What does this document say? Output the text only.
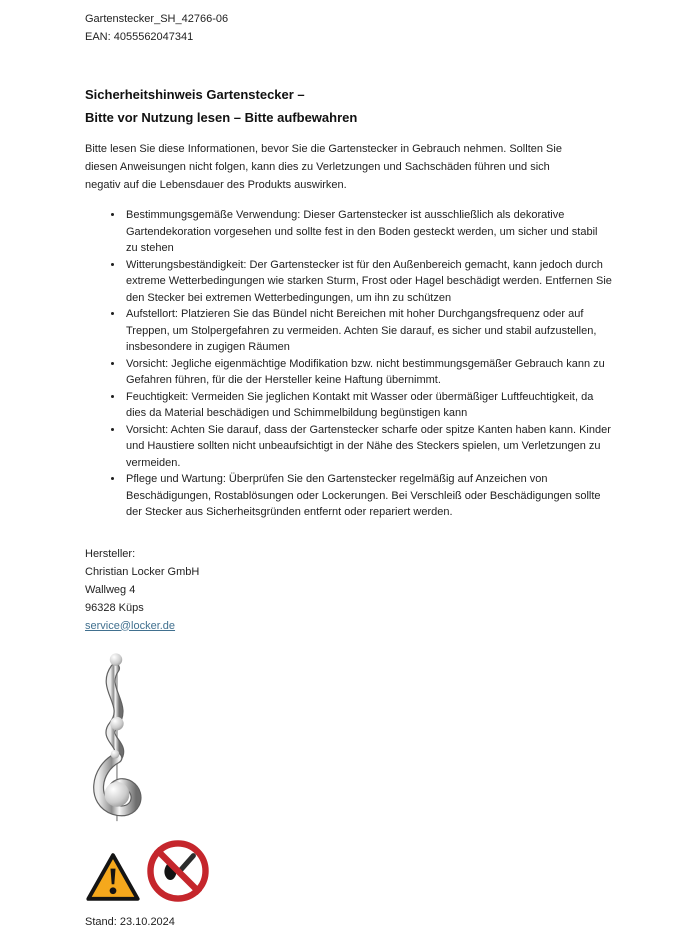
Gartenstecker_SH_42766-06
EAN: 4055562047341
Sicherheitshinweis Gartenstecker –
Bitte vor Nutzung lesen – Bitte aufbewahren

Bitte lesen Sie diese Informationen, bevor Sie die Gartenstecker in Gebrauch nehmen. Sollten Sie diesen Anweisungen nicht folgen, kann dies zu Verletzungen und Sachschäden führen und sich negativ auf die Lebensdauer des Produkts auswirken.

• Bestimmungsgemäße Verwendung: Dieser Gartenstecker ist ausschließlich als dekorative Gartendekoration vorgesehen und sollte fest in den Boden gesteckt werden, um sicher und stabil zu stehen
• Witterungsbeständigkeit: Der Gartenstecker ist für den Außenbereich gemacht, kann jedoch durch extreme Wetterbedingungen wie starken Sturm, Frost oder Hagel beschädigt werden. Entfernen Sie den Stecker bei extremen Wetterbedingungen, um ihn zu schützen
• Aufstellort: Platzieren Sie das Bündel nicht Bereichen mit hoher Durchgangsfrequenz oder auf Treppen, um Stolpergefahren zu vermeiden. Achten Sie darauf, es sicher und stabil aufzustellen, insbesondere in zugigen Räumen
• Vorsicht: Jegliche eigenmächtige Modifikation bzw. nicht bestimmungsgemäßer Gebrauch kann zu Gefahren führen, für die der Hersteller keine Haftung übernimmt.
• Feuchtigkeit: Vermeiden Sie jeglichen Kontakt mit Wasser oder übermäßiger Luftfeuchtigkeit, da dies da Material beschädigen und Schimmelbildung begünstigen kann
• Vorsicht: Achten Sie darauf, dass der Gartenstecker scharfe oder spitze Kanten haben kann. Kinder und Haustiere sollten nicht unbeaufsichtigt in der Nähe des Steckers spielen, um Verletzungen zu vermeiden.
• Pflege und Wartung: Überprüfen Sie den Gartenstecker regelmäßig auf Anzeichen von Beschädigungen, Rostablösungen oder Lockerungen. Bei Verschleiß oder Beschädigungen sollte der Stecker aus Sicherheitsgründen entfernt oder repariert werden.
Hersteller:
Christian Locker GmbH
Wallweg 4
96328 Küps
service@locker.de
Stand: 23.10.2024
